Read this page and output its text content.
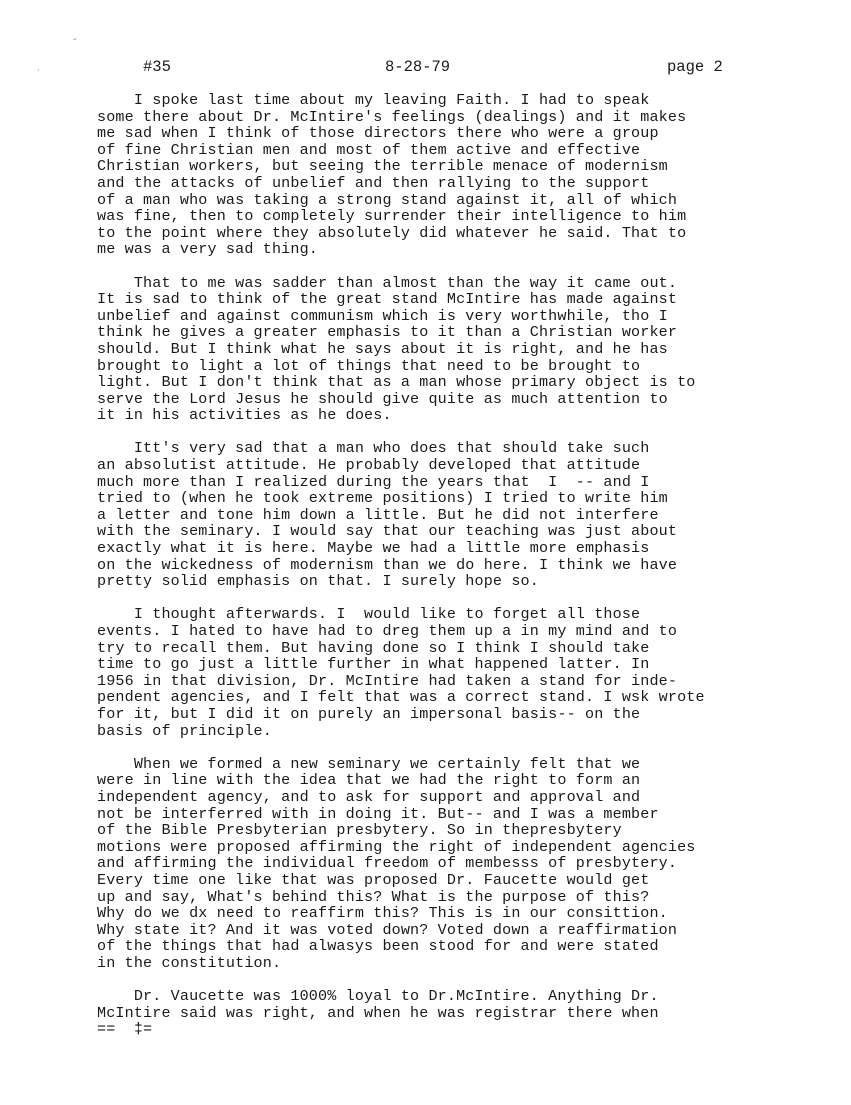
-
·	#35	8-28-79	page 2
I spoke last time about my leaving Faith. I had to speak
some there about Dr. McIntire's feelings (dealings) and it makes
me sad when I think of those directors there who were a group
of fine Christian men and most of them active and effective
Christian workers, but seeing the terrible menace of modernism
and the attacks of unbelief and then rallying to the support
of a man who was taking a strong stand against it, all of which
was fine, then to completely surrender their intelligence to him
to the point where they absolutely did whatever he said. That to
me was a very sad thing.
That to me was sadder than almost than the way it came out.
It is sad to think of the great stand McIntire has made against
unbelief and against communism which is very worthwhile, tho I
think he gives a greater emphasis to it than a Christian worker
should. But I think what he says about it is right, and he has
brought to light a lot of things that need to be brought to
light. But I don't think that as a man whose primary object is to
serve the Lord Jesus he should give quite as much attention to
it in his activities as he does.
Itt's very sad that a man who does that should take such
an absolutist attitude. He probably developed that attitude
much more than I realized during the years that  I  -- and I
tried to (when he took extreme positions) I tried to write him
a letter and tone him down a little. But he did not interfere
with the seminary. I would say that our teaching was just about
exactly what it is here. Maybe we had a little more emphasis
on the wickedness of modernism than we do here. I think we have
pretty solid emphasis on that. I surely hope so.
I thought afterwards. I  would like to forget all those
events. I hated to have had to dreg them up a in my mind and to
try to recall them. But having done so I think I should take
time to go just a little further in what happened latter. In
1956 in that division, Dr. McIntire had taken a stand for inde-
pendent agencies, and I felt that was a correct stand. I wsk wrote
for it, but I did it on purely an impersonal basis-- on the
basis of principle.
When we formed a new seminary we certainly felt that we
were in line with the idea that we had the right to form an
independent agency, and to ask for support and approval and
not be interferred with in doing it. But-- and I was a member
of the Bible Presbyterian presbytery. So in thepresbytery
motions were proposed affirming the right of independent agencies
and affirming the individual freedom of membesss of presbytery.
Every time one like that was proposed Dr. Faucette would get
up and say, What's behind this? What is the purpose of this?
Why do we dx need to reaffirm this? This is in our consittion.
Why state it? And it was voted down? Voted down a reaffirmation
of the things that had alwasys been stood for and were stated
in the constitution.
Dr. Vaucette was 1000% loyal to Dr.McIntire. Anything Dr.
McIntire said was right, and when he was registrar there when
==  ‡=
